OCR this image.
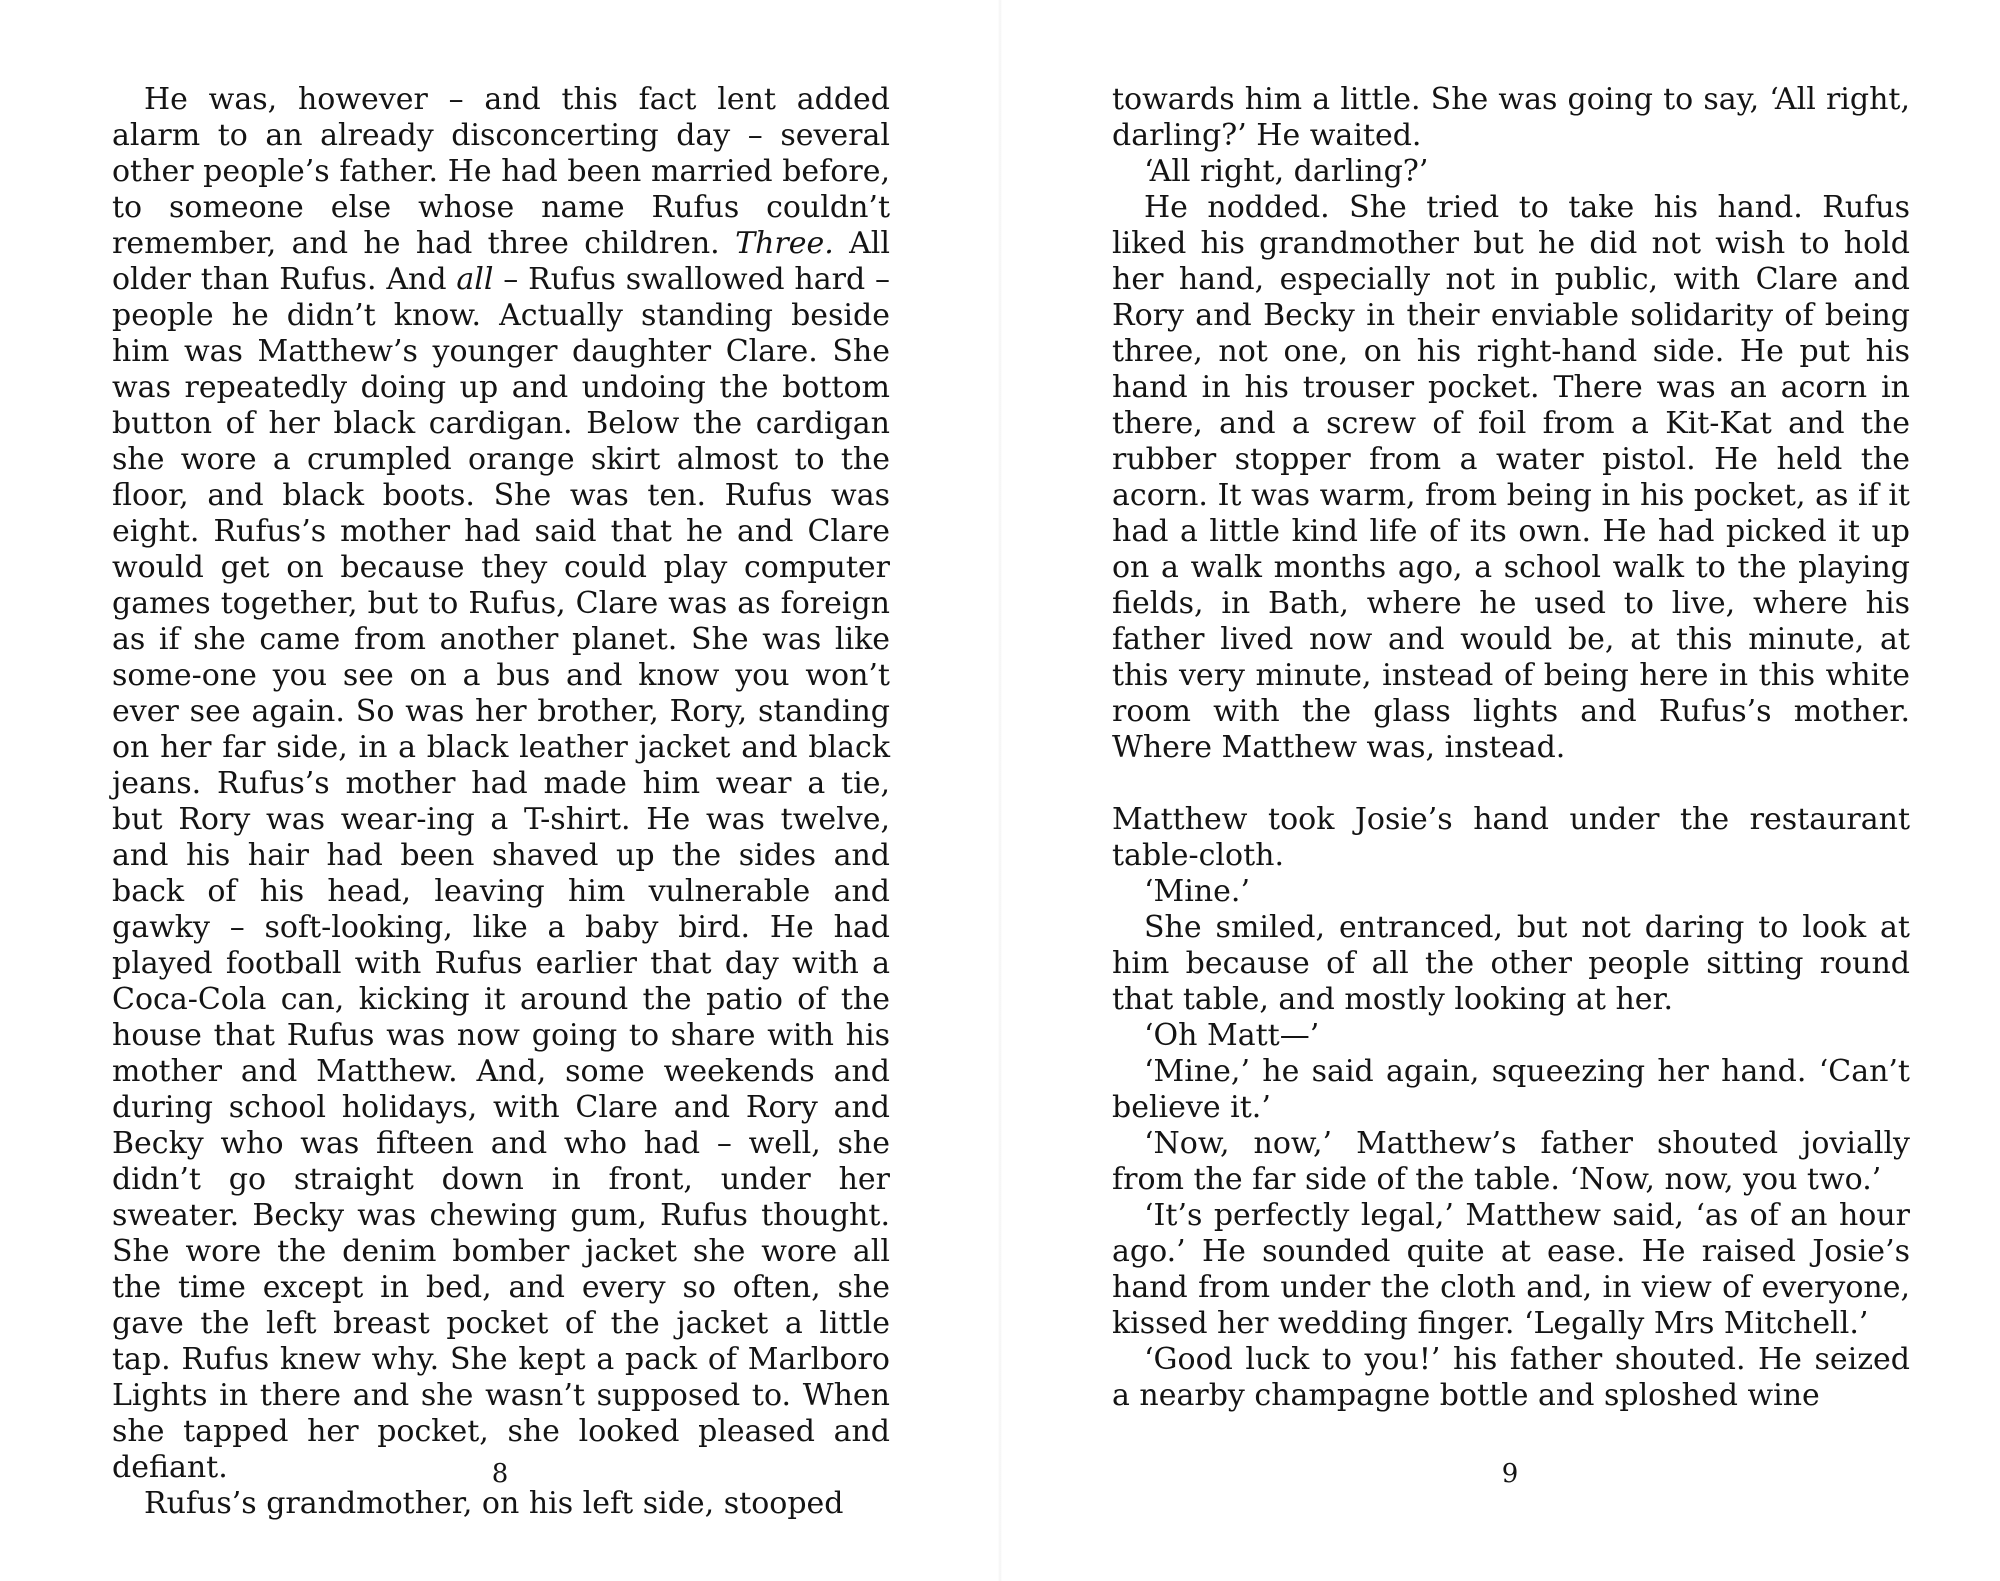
He was, however – and this fact lent added alarm to an already disconcerting day – several other people’s father. He had been married before, to someone else whose name Rufus couldn’t remember, and he had three children. Three. All older than Rufus. And all – Rufus swallowed hard – people he didn’t know. Actually standing beside him was Matthew’s younger daughter Clare. She was repeatedly doing up and undoing the bottom button of her black cardigan. Below the cardigan she wore a crumpled orange skirt almost to the floor, and black boots. She was ten. Rufus was eight. Rufus’s mother had said that he and Clare would get on because they could play computer games together, but to Rufus, Clare was as foreign as if she came from another planet. She was like some-one you see on a bus and know you won’t ever see again. So was her brother, Rory, standing on her far side, in a black leather jacket and black jeans. Rufus’s mother had made him wear a tie, but Rory was wear-ing a T-shirt. He was twelve, and his hair had been shaved up the sides and back of his head, leaving him vulnerable and gawky – soft-looking, like a baby bird. He had played football with Rufus earlier that day with a Coca-Cola can, kicking it around the patio of the house that Rufus was now going to share with his mother and Matthew. And, some weekends and during school holidays, with Clare and Rory and Becky who was fifteen and who had – well, she didn’t go straight down in front, under her sweater. Becky was chewing gum, Rufus thought. She wore the denim bomber jacket she wore all the time except in bed, and every so often, she gave the left breast pocket of the jacket a little tap. Rufus knew why. She kept a pack of Marlboro Lights in there and she wasn’t supposed to. When she tapped her pocket, she looked pleased and defiant.

Rufus’s grandmother, on his left side, stooped

8

towards him a little. She was going to say, ‘All right, darling?’ He waited.

‘All right, darling?’

He nodded. She tried to take his hand. Rufus liked his grandmother but he did not wish to hold her hand, especially not in public, with Clare and Rory and Becky in their enviable solidarity of being three, not one, on his right-hand side. He put his hand in his trouser pocket. There was an acorn in there, and a screw of foil from a Kit-Kat and the rubber stopper from a water pistol. He held the acorn. It was warm, from being in his pocket, as if it had a little kind life of its own. He had picked it up on a walk months ago, a school walk to the playing fields, in Bath, where he used to live, where his father lived now and would be, at this minute, at this very minute, instead of being here in this white room with the glass lights and Rufus’s mother. Where Matthew was, instead.

Matthew took Josie’s hand under the restaurant table-cloth.

‘Mine.’

She smiled, entranced, but not daring to look at him because of all the other people sitting round that table, and mostly looking at her.

‘Oh Matt—’

‘Mine,’ he said again, squeezing her hand. ‘Can’t believe it.’

‘Now, now,’ Matthew’s father shouted jovially from the far side of the table. ‘Now, now, you two.’

‘It’s perfectly legal,’ Matthew said, ‘as of an hour ago.’ He sounded quite at ease. He raised Josie’s hand from under the cloth and, in view of everyone, kissed her wedding finger. ‘Legally Mrs Mitchell.’

‘Good luck to you!’ his father shouted. He seized a nearby champagne bottle and sploshed wine

9
